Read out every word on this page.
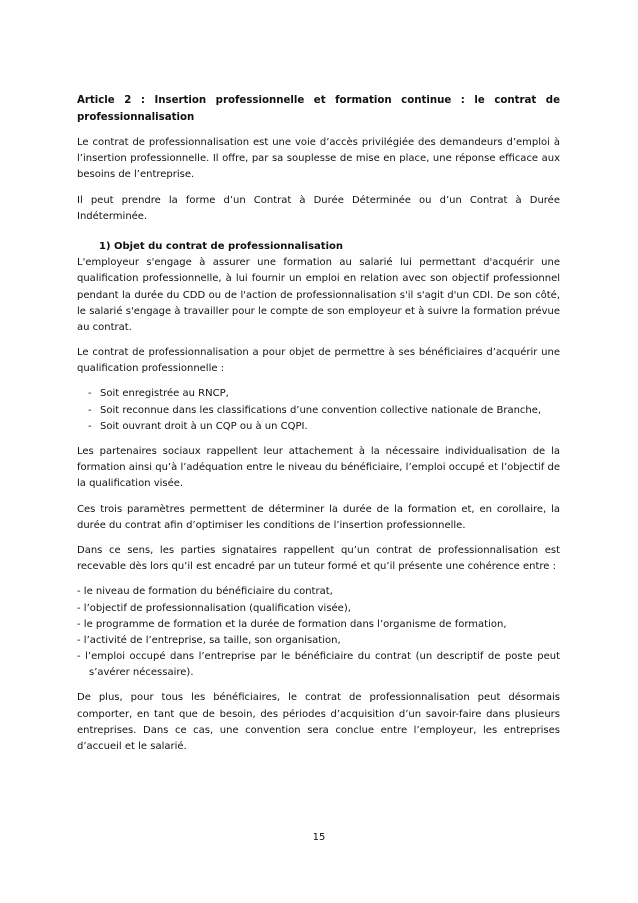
Article 2 : Insertion professionnelle et formation continue : le contrat de
professionnalisation

Le contrat de professionnalisation est une voie d’accès privilégiée des demandeurs d’emploi à l’insertion professionnelle. Il offre, par sa souplesse de mise en place, une réponse efficace aux besoins de l’entreprise.

Il peut prendre la forme d’un Contrat à Durée Déterminée ou d’un Contrat à Durée Indéterminée.

1) Objet du contrat de professionnalisation

L'employeur s'engage à assurer une formation au salarié lui permettant d'acquérir une qualification professionnelle, à lui fournir un emploi en relation avec son objectif professionnel pendant la durée du CDD ou de l'action de professionnalisation s'il s'agit d'un CDI. De son côté, le salarié s'engage à travailler pour le compte de son employeur et à suivre la formation prévue au contrat.

Le contrat de professionnalisation a pour objet de permettre à ses bénéficiaires d’acquérir une qualification professionnelle :

- Soit enregistrée au RNCP,
- Soit reconnue dans les classifications d’une convention collective nationale de Branche,
- Soit ouvrant droit à un CQP ou à un CQPI.

Les partenaires sociaux rappellent leur attachement à la nécessaire individualisation de la formation ainsi qu’à l’adéquation entre le niveau du bénéficiaire, l’emploi occupé et l’objectif de la qualification visée.

Ces trois paramètres permettent de déterminer la durée de la formation et, en corollaire, la durée du contrat afin d’optimiser les conditions de l’insertion professionnelle.

Dans ce sens, les parties signataires rappellent qu’un contrat de professionnalisation est recevable dès lors qu’il est encadré par un tuteur formé et qu’il présente une cohérence entre :

- le niveau de formation du bénéficiaire du contrat,
- l’objectif de professionnalisation (qualification visée),
- le programme de formation et la durée de formation dans l’organisme de formation,
- l’activité de l’entreprise, sa taille, son organisation,
- l’emploi occupé dans l’entreprise par le bénéficiaire du contrat (un descriptif de poste peut
s’avérer nécessaire).

De plus, pour tous les bénéficiaires, le contrat de professionnalisation peut désormais comporter, en tant que de besoin, des périodes d’acquisition d’un savoir-faire dans plusieurs entreprises. Dans ce cas, une convention sera conclue entre l’employeur, les entreprises d’accueil et le salarié.

15
